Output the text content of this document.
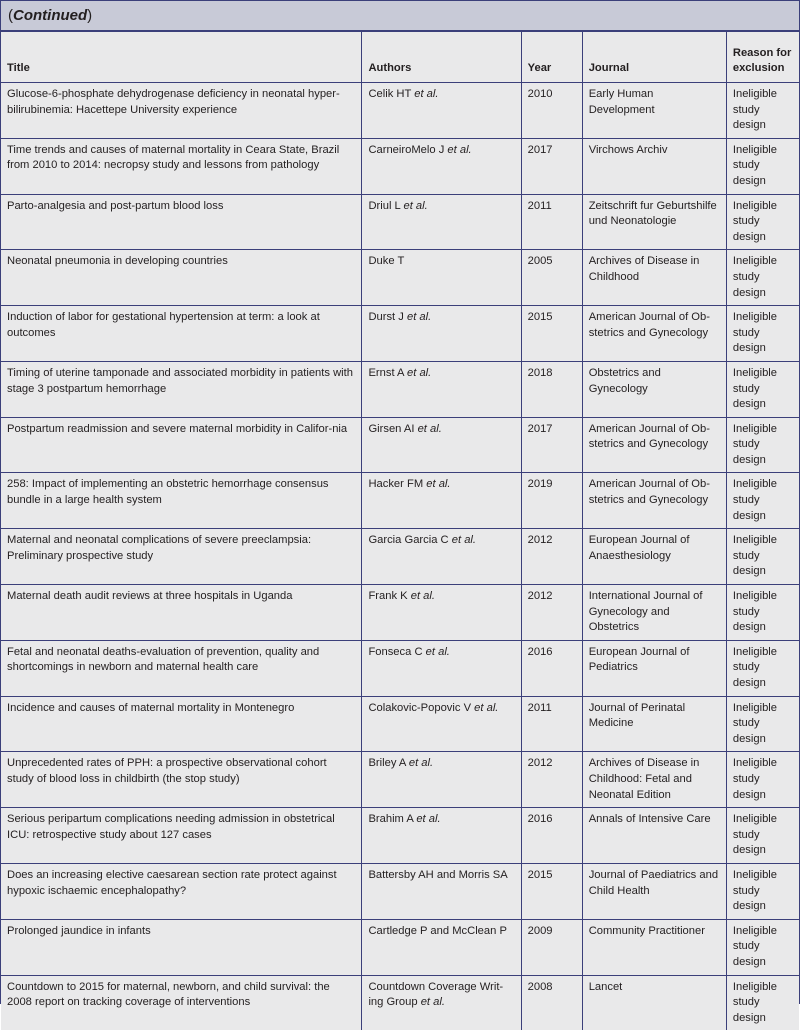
(Continued)
Title	Authors	Year	Journal	Reason for exclusion
Glucose-6-phosphate dehydrogenase deficiency in neonatal hyper-bilirubinemia: Hacettepe University experience	Celik HT et al.	2010	Early Human Development	Ineligible study design
Time trends and causes of maternal mortality in Ceara State, Brazil from 2010 to 2014: necropsy study and lessons from pathology	CarneiroMelo J et al.	2017	Virchows Archiv	Ineligible study design
Parto-analgesia and post-partum blood loss	Driul L et al.	2011	Zeitschrift fur Geburtshilfe und Neonatologie	Ineligible study design
Neonatal pneumonia in developing countries	Duke T	2005	Archives of Disease in Childhood	Ineligible study design
Induction of labor for gestational hypertension at term: a look at outcomes	Durst J et al.	2015	American Journal of Ob-stetrics and Gynecology	Ineligible study design
Timing of uterine tamponade and associated morbidity in patients with stage 3 postpartum hemorrhage	Ernst A et al.	2018	Obstetrics and Gynecology	Ineligible study design
Postpartum readmission and severe maternal morbidity in Califor-nia	Girsen AI et al.	2017	American Journal of Ob-stetrics and Gynecology	Ineligible study design
258: Impact of implementing an obstetric hemorrhage consensus bundle in a large health system	Hacker FM et al.	2019	American Journal of Ob-stetrics and Gynecology	Ineligible study design
Maternal and neonatal complications of severe preeclampsia: Preliminary prospective study	Garcia Garcia C et al.	2012	European Journal of Anaesthesiology	Ineligible study design
Maternal death audit reviews at three hospitals in Uganda	Frank K et al.	2012	International Journal of Gynecology and Obstetrics	Ineligible study design
Fetal and neonatal deaths-evaluation of prevention, quality and shortcomings in newborn and maternal health care	Fonseca C et al.	2016	European Journal of Pediatrics	Ineligible study design
Incidence and causes of maternal mortality in Montenegro	Colakovic-Popovic V et al.	2011	Journal of Perinatal Medicine	Ineligible study design
Unprecedented rates of PPH: a prospective observational cohort study of blood loss in childbirth (the stop study)	Briley A et al.	2012	Archives of Disease in Childhood: Fetal and Neonatal Edition	Ineligible study design
Serious peripartum complications needing admission in obstetrical ICU: retrospective study about 127 cases	Brahim A et al.	2016	Annals of Intensive Care	Ineligible study design
Does an increasing elective caesarean section rate protect against hypoxic ischaemic encephalopathy?	Battersby AH and Morris SA	2015	Journal of Paediatrics and Child Health	Ineligible study design
Prolonged jaundice in infants	Cartledge P and McClean P	2009	Community Practitioner	Ineligible study design
Countdown to 2015 for maternal, newborn, and child survival: the 2008 report on tracking coverage of interventions	Countdown Coverage Writ-ing Group et al.	2008	Lancet	Ineligible study design
